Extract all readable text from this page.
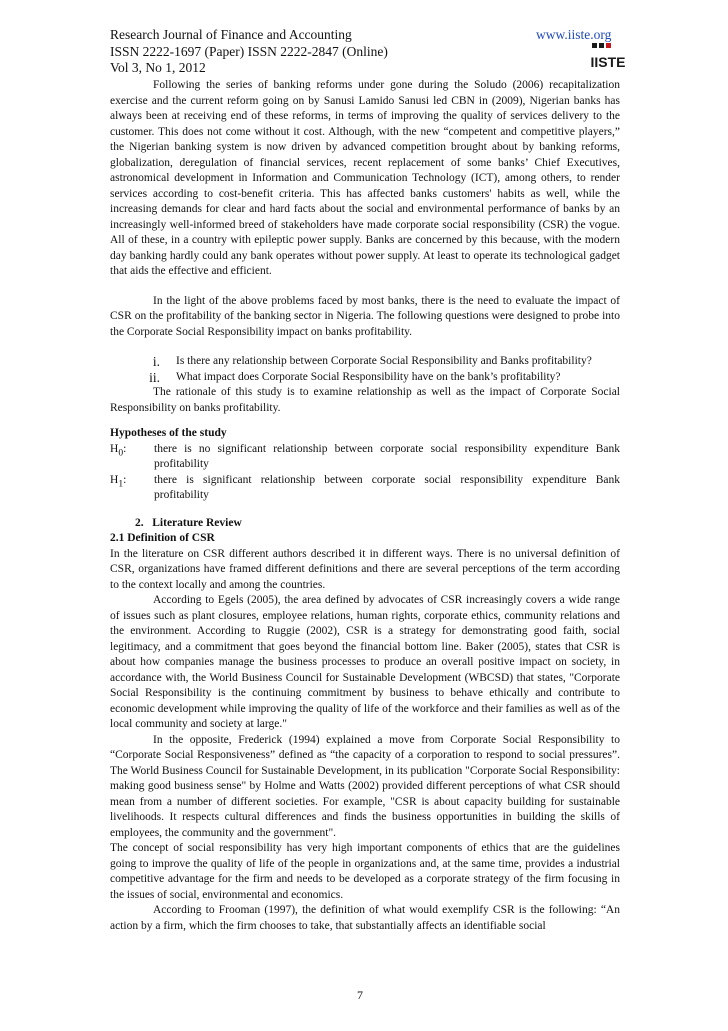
Research Journal of Finance and Accounting
ISSN 2222-1697 (Paper) ISSN 2222-2847 (Online)
Vol 3, No 1, 2012
www.iiste.org
IISTE

Following the series of banking reforms under gone during the Soludo (2006) recapitalization exercise and the current reform going on by Sanusi Lamido Sanusi led CBN in (2009), Nigerian banks has always been at receiving end of these reforms, in terms of improving the quality of services delivery to the customer. This does not come without it cost. Although, with the new “competent and competitive players,” the Nigerian banking system is now driven by advanced competition brought about by banking reforms, globalization, deregulation of financial services, recent replacement of some banks’ Chief Executives, astronomical development in Information and Communication Technology (ICT), among others, to render services according to cost-benefit criteria. This has affected banks customers' habits as well, while the increasing demands for clear and hard facts about the social and environmental performance of banks by an increasingly well-informed breed of stakeholders have made corporate social responsibility (CSR) the vogue. All of these, in a country with epileptic power supply. Banks are concerned by this because, with the modern day banking hardly could any bank operates without power supply. At least to operate its technological gadget that aids the effective and efficient.

In the light of the above problems faced by most banks, there is the need to evaluate the impact of CSR on the profitability of the banking sector in Nigeria. The following questions were designed to probe into the Corporate Social Responsibility impact on banks profitability.

i.	Is there any relationship between Corporate Social Responsibility and Banks profitability?
ii.	What impact does Corporate Social Responsibility have on the bank’s profitability?

The rationale of this study is to examine relationship as well as the impact of Corporate Social Responsibility on banks profitability.

Hypotheses of the study

$H_0$:	there is no significant relationship between corporate social responsibility expenditure Bank profitability
$H_1$:	there is significant relationship between corporate social responsibility expenditure Bank profitability

2.   Literature Review

2.1 Definition of CSR

In the literature on CSR different authors described it in different ways. There is no universal definition of CSR, organizations have framed different definitions and there are several perceptions of the term according to the context locally and among the countries.

According to Egels (2005), the area defined by advocates of CSR increasingly covers a wide range of issues such as plant closures, employee relations, human rights, corporate ethics, community relations and the environment. According to Ruggie (2002), CSR is a strategy for demonstrating good faith, social legitimacy, and a commitment that goes beyond the financial bottom line. Baker (2005), states that CSR is about how companies manage the business processes to produce an overall positive impact on society, in accordance with, the World Business Council for Sustainable Development (WBCSD) that states, "Corporate Social Responsibility is the continuing commitment by business to behave ethically and contribute to economic development while improving the quality of life of the workforce and their families as well as of the local community and society at large."

In the opposite, Frederick (1994) explained a move from Corporate Social Responsibility to “Corporate Social Responsiveness” defined as “the capacity of a corporation to respond to social pressures”. The World Business Council for Sustainable Development, in its publication "Corporate Social Responsibility: making good business sense" by Holme and Watts (2002) provided different perceptions of what CSR should mean from a number of different societies. For example, "CSR is about capacity building for sustainable livelihoods. It respects cultural differences and finds the business opportunities in building the skills of employees, the community and the government".

The concept of social responsibility has very high important components of ethics that are the guidelines going to improve the quality of life of the people in organizations and, at the same time, provides a industrial competitive advantage for the firm and needs to be developed as a corporate strategy of the firm focusing in the issues of social, environmental and economics.

According to Frooman (1997), the definition of what would exemplify CSR is the following: “An action by a firm, which the firm chooses to take, that substantially affects an identifiable social

7
